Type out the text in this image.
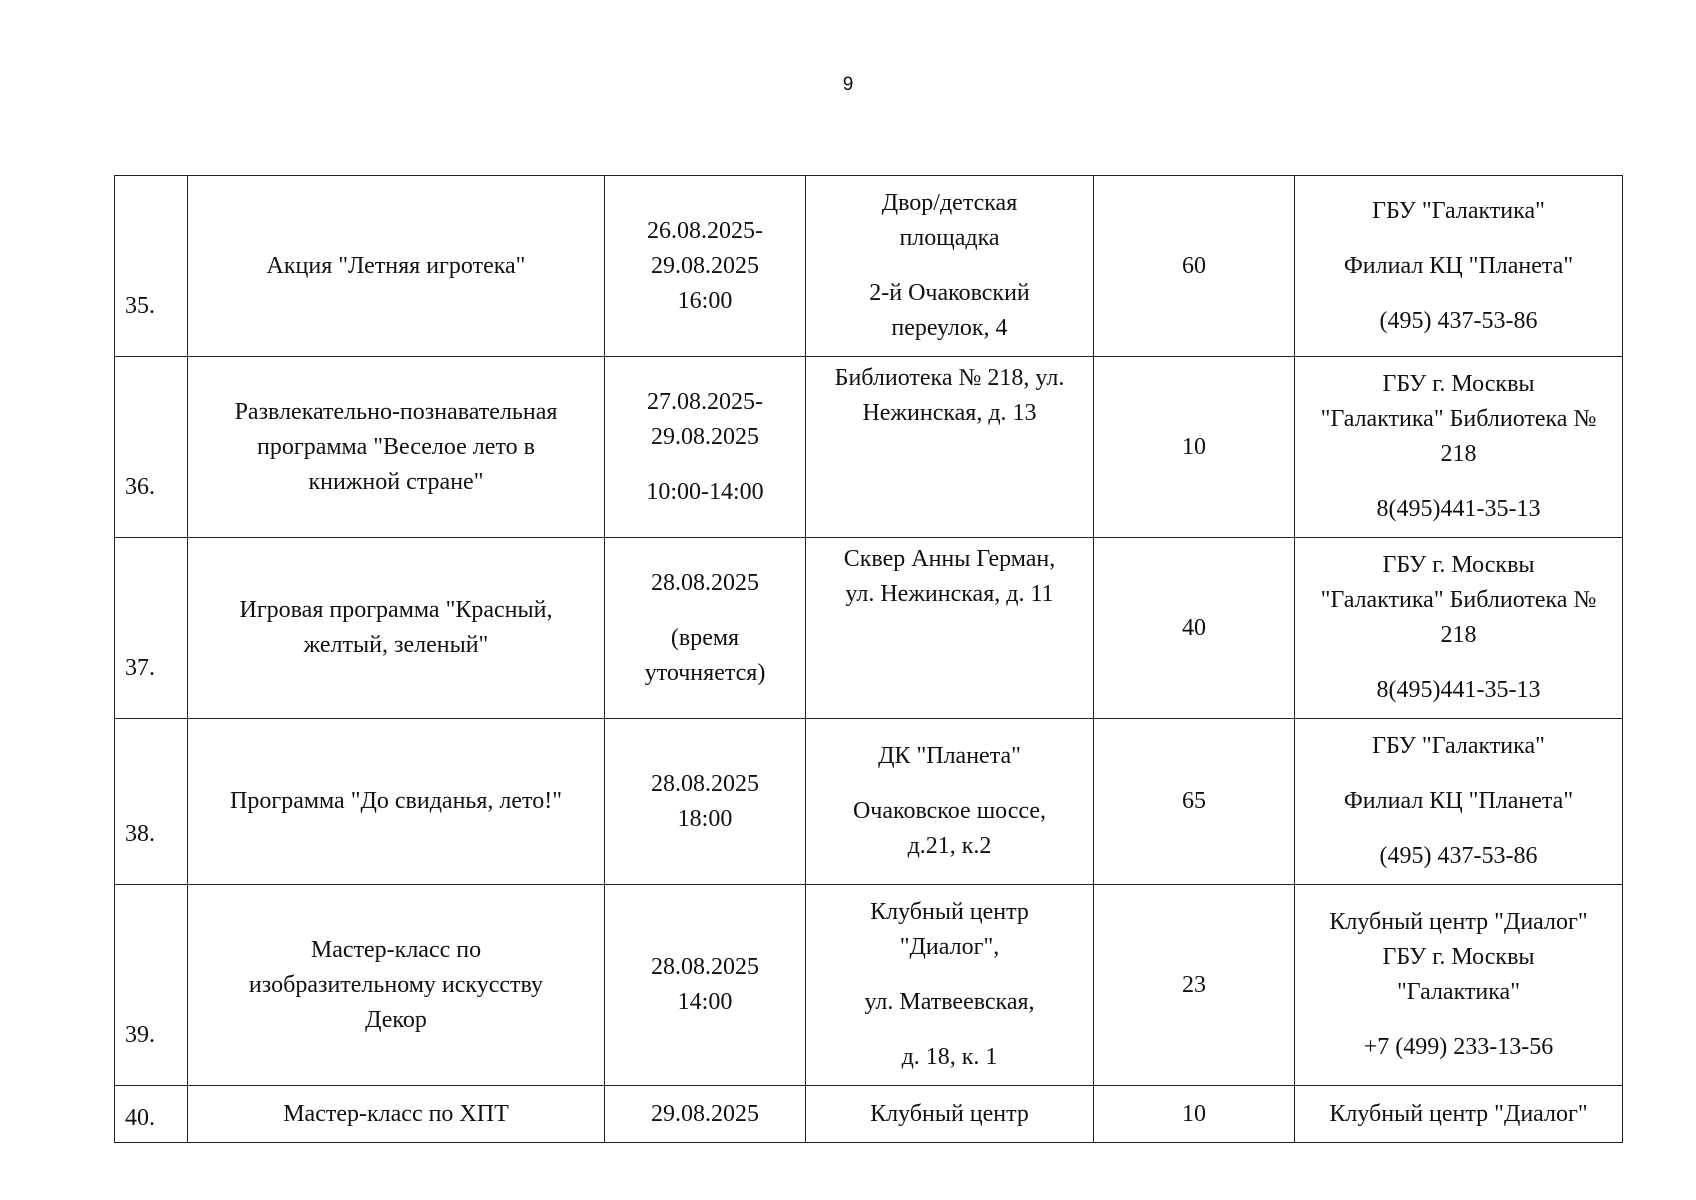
9
35.	Акция "Летняя игротека"	26.08.2025-
29.08.2025
16:00	Двор/детская
площадка
2-й Очаковский
переулок, 4	60	ГБУ "Галактика"
Филиал КЦ "Планета"
(495) 437-53-86

36.	Развлекательно-познавательная
программа "Веселое лето в
книжной стране"	27.08.2025-
29.08.2025
10:00-14:00	Библиотека № 218, ул.
Нежинская, д. 13	10	ГБУ г. Москвы
"Галактика" Библиотека №
218
8(495)441-35-13

37.	Игровая программа "Красный,
желтый, зеленый"	28.08.2025
(время
уточняется)	Сквер Анны Герман,
ул. Нежинская, д. 11	40	ГБУ г. Москвы
"Галактика" Библиотека №
218
8(495)441-35-13

38.	Программа "До свиданья, лето!"	28.08.2025
18:00	ДК "Планета"
Очаковское шоссе,
д.21, к.2	65	ГБУ "Галактика"
Филиал КЦ "Планета"
(495) 437-53-86

39.	Мастер-класс по
изобразительному искусству
Декор	28.08.2025
14:00	Клубный центр
"Диалог",
ул. Матвеевская,
д. 18, к. 1	23	Клубный центр "Диалог"
ГБУ г. Москвы
"Галактика"
+7 (499) 233-13-56

40.	Мастер-класс по ХПТ	29.08.2025	Клубный центр	10	Клубный центр "Диалог"
